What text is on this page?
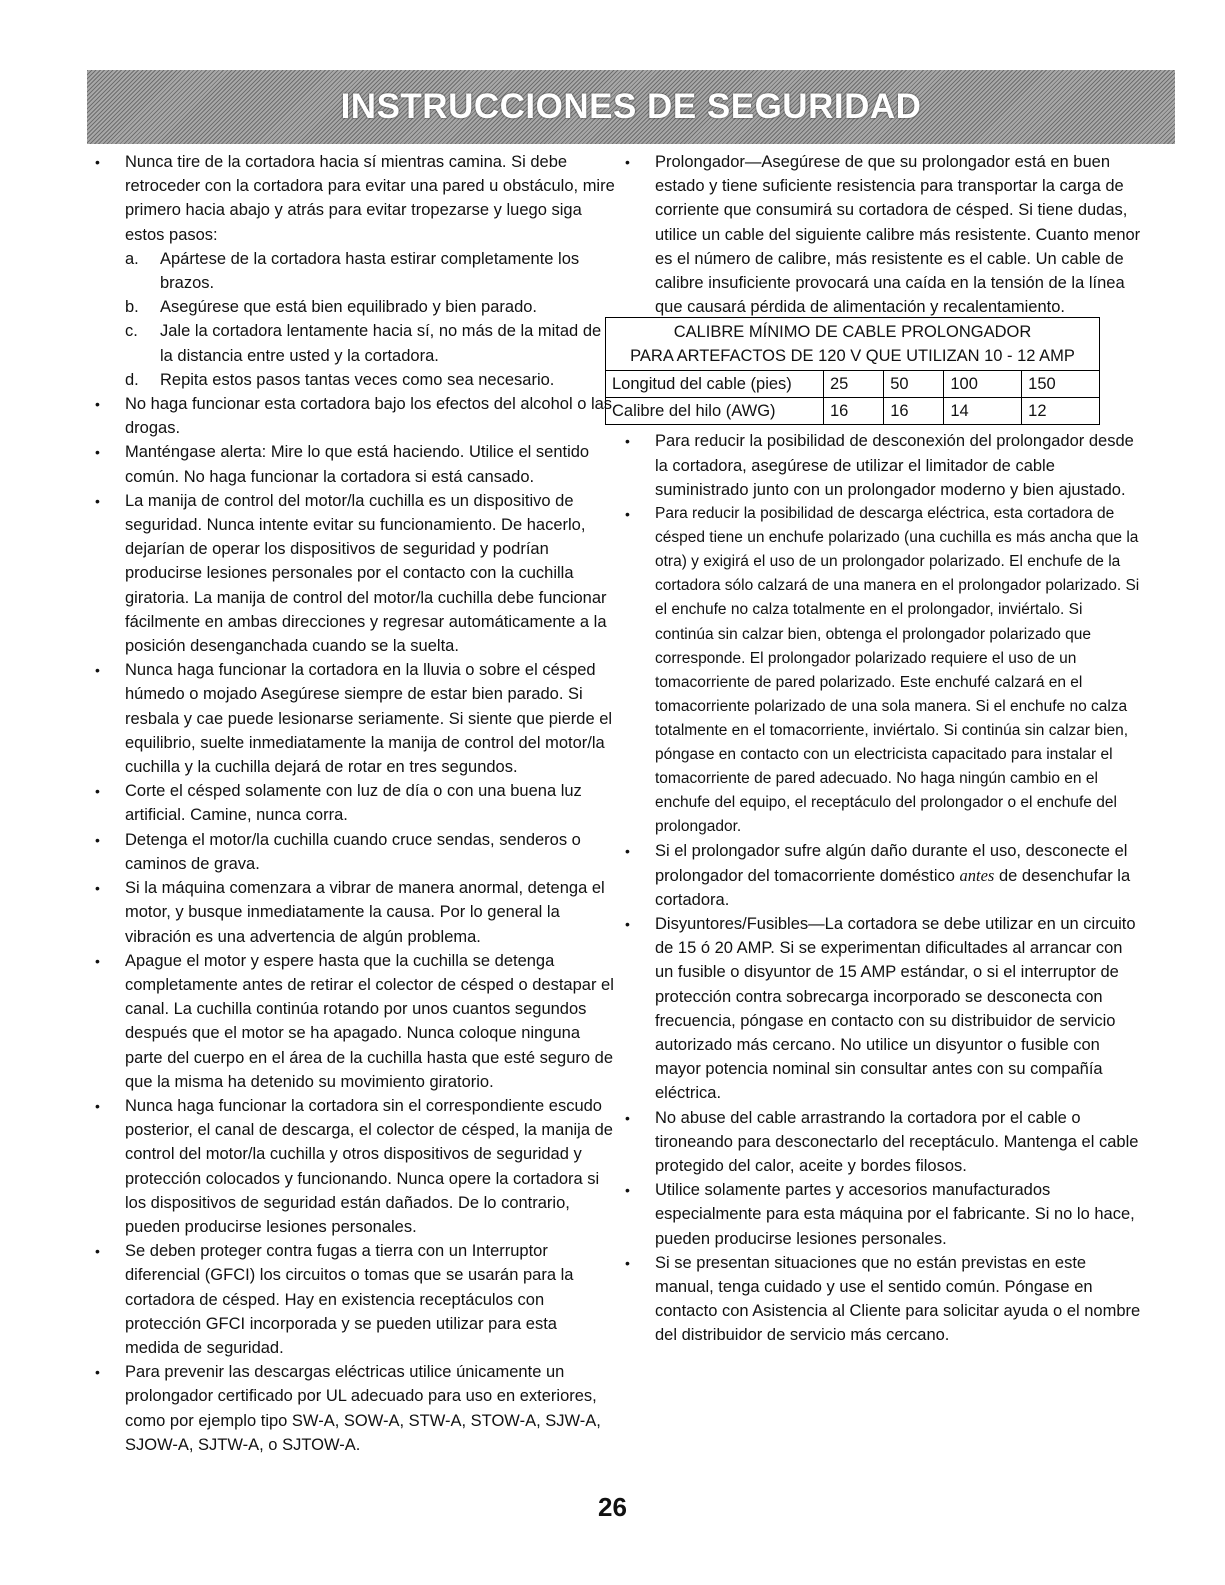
INSTRUCCIONES DE SEGURIDAD
• Nunca tire de la cortadora hacia sí mientras camina. Si debe retroceder con la cortadora para evitar una pared u obstáculo, mire primero hacia abajo y atrás para evitar tropezarse y luego siga estos pasos:
a. Apártese de la cortadora hasta estirar completamente los brazos.
b. Asegúrese que está bien equilibrado y bien parado.
c. Jale la cortadora lentamente hacia sí, no más de la mitad de la distancia entre usted y la cortadora.
d. Repita estos pasos tantas veces como sea necesario.
• No haga funcionar esta cortadora bajo los efectos del alcohol o las drogas.
• Manténgase alerta: Mire lo que está haciendo. Utilice el sentido común. No haga funcionar la cortadora si está cansado.
• La manija de control del motor/la cuchilla es un dispositivo de seguridad. Nunca intente evitar su funcionamiento. De hacerlo, dejarían de operar los dispositivos de seguridad y podrían producirse lesiones personales por el contacto con la cuchilla giratoria. La manija de control del motor/la cuchilla debe funcionar fácilmente en ambas direcciones y regresar automáticamente a la posición desenganchada cuando se la suelta.
• Nunca haga funcionar la cortadora en la lluvia o sobre el césped húmedo o mojado Asegúrese siempre de estar bien parado. Si resbala y cae puede lesionarse seriamente. Si siente que pierde el equilibrio, suelte inmediatamente la manija de control del motor/la cuchilla y la cuchilla dejará de rotar en tres segundos.
• Corte el césped solamente con luz de día o con una buena luz artificial. Camine, nunca corra.
• Detenga el motor/la cuchilla cuando cruce sendas, senderos o caminos de grava.
• Si la máquina comenzara a vibrar de manera anormal, detenga el motor, y busque inmediatamente la causa. Por lo general la vibración es una advertencia de algún problema.
• Apague el motor y espere hasta que la cuchilla se detenga completamente antes de retirar el colector de césped o destapar el canal. La cuchilla continúa rotando por unos cuantos segundos después que el motor se ha apagado. Nunca coloque ninguna parte del cuerpo en el área de la cuchilla hasta que esté seguro de que la misma ha detenido su movimiento giratorio.
• Nunca haga funcionar la cortadora sin el correspondiente escudo posterior, el canal de descarga, el colector de césped, la manija de control del motor/la cuchilla y otros dispositivos de seguridad y protección colocados y funcionando. Nunca opere la cortadora si los dispositivos de seguridad están dañados. De lo contrario, pueden producirse lesiones personales.
• Se deben proteger contra fugas a tierra con un Interruptor diferencial (GFCI) los circuitos o tomas que se usarán para la cortadora de césped. Hay en existencia receptáculos con protección GFCI incorporada y se pueden utilizar para esta medida de seguridad.
• Para prevenir las descargas eléctricas utilice únicamente un prolongador certificado por UL adecuado para uso en exteriores, como por ejemplo tipo SW-A, SOW-A, STW-A, STOW-A, SJW-A, SJOW-A, SJTW-A, o SJTOW-A.
• Prolongador—Asegúrese de que su prolongador está en buen estado y tiene suficiente resistencia para transportar la carga de corriente que consumirá su cortadora de césped. Si tiene dudas, utilice un cable del siguiente calibre más resistente. Cuanto menor es el número de calibre, más resistente es el cable. Un cable de calibre insuficiente provocará una caída en la tensión de la línea que causará pérdida de alimentación y recalentamiento.
CALIBRE MÍNIMO DE CABLE PROLONGADOR
PARA ARTEFACTOS DE 120 V QUE UTILIZAN 10 - 12 AMP
Longitud del cable (pies)	25	50	100	150
Calibre del hilo (AWG)	16	16	14	12
• Para reducir la posibilidad de desconexión del prolongador desde la cortadora, asegúrese de utilizar el limitador de cable suministrado junto con un prolongador moderno y bien ajustado.
• Para reducir la posibilidad de descarga eléctrica, esta cortadora de césped tiene un enchufe polarizado (una cuchilla es más ancha que la otra) y exigirá el uso de un prolongador polarizado. El enchufe de la cortadora sólo calzará de una manera en el prolongador polarizado. Si el enchufe no calza totalmente en el prolongador, inviértalo. Si continúa sin calzar bien, obtenga el prolongador polarizado que corresponde. El prolongador polarizado requiere el uso de un tomacorriente de pared polarizado. Este enchufé calzará en el tomacorriente polarizado de una sola manera. Si el enchufe no calza totalmente en el tomacorriente, inviértalo. Si continúa sin calzar bien, póngase en contacto con un electricista capacitado para instalar el tomacorriente de pared adecuado. No haga ningún cambio en el enchufe del equipo, el receptáculo del prolongador o el enchufe del prolongador.
• Si el prolongador sufre algún daño durante el uso, desconecte el prolongador del tomacorriente doméstico antes de desenchufar la cortadora.
• Disyuntores/Fusibles—La cortadora se debe utilizar en un circuito de 15 ó 20 AMP. Si se experimentan dificultades al arrancar con un fusible o disyuntor de 15 AMP estándar, o si el interruptor de protección contra sobrecarga incorporado se desconecta con frecuencia, póngase en contacto con su distribuidor de servicio autorizado más cercano. No utilice un disyuntor o fusible con mayor potencia nominal sin consultar antes con su compañía eléctrica.
• No abuse del cable arrastrando la cortadora por el cable o tironeando para desconectarlo del receptáculo. Mantenga el cable protegido del calor, aceite y bordes filosos.
• Utilice solamente partes y accesorios manufacturados especialmente para esta máquina por el fabricante. Si no lo hace, pueden producirse lesiones personales.
• Si se presentan situaciones que no están previstas en este manual, tenga cuidado y use el sentido común. Póngase en contacto con Asistencia al Cliente para solicitar ayuda o el nombre del distribuidor de servicio más cercano.
26
